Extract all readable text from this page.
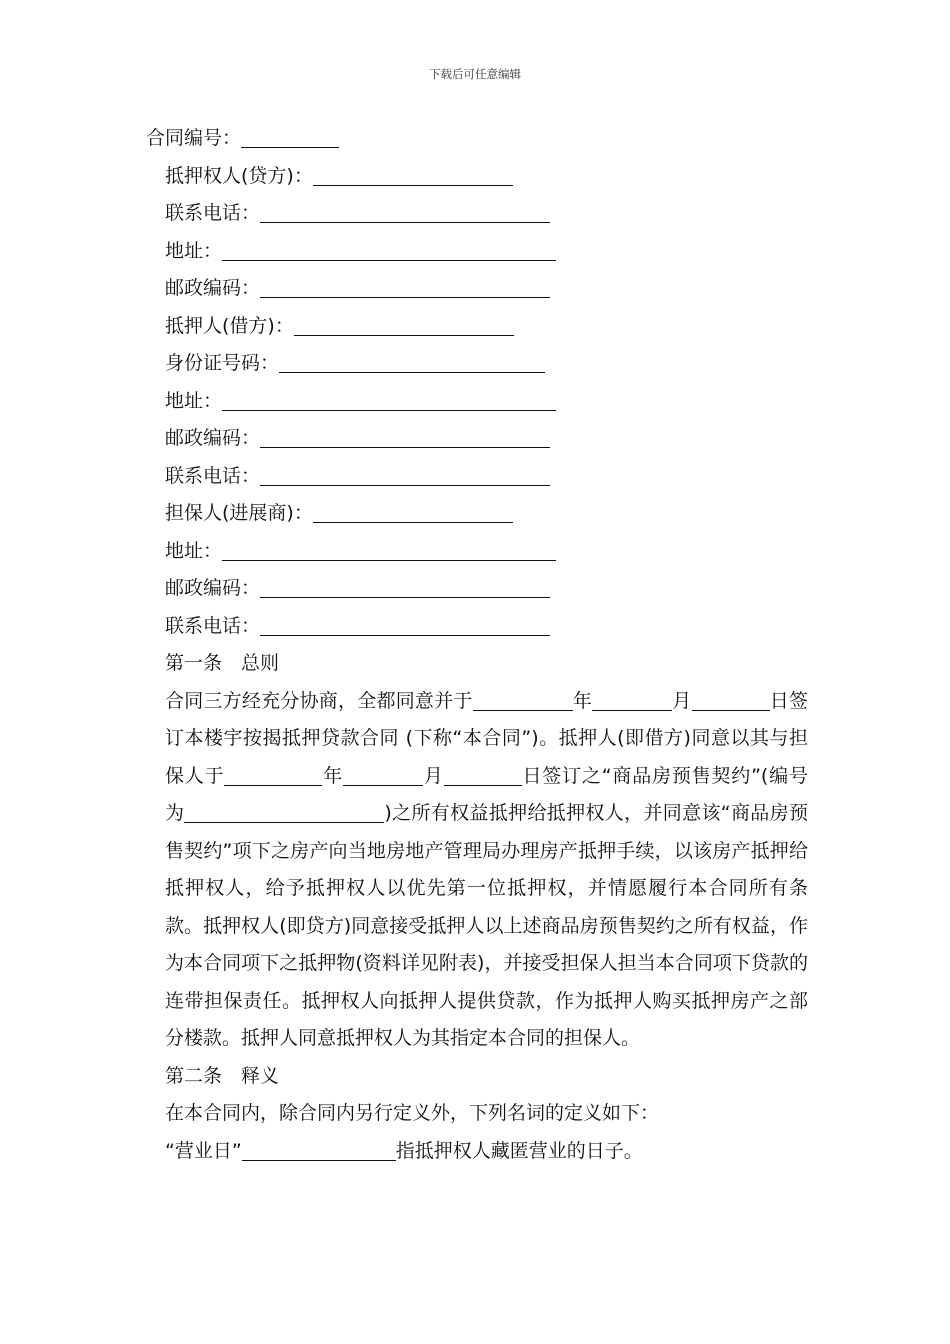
下载后可任意编辑
合同编号：
抵押权人(贷方)：
联系电话：
地址：
邮政编码：
抵押人(借方)：
身份证号码：
地址：
邮政编码：
联系电话：
担保人(进展商)：
地址：
邮政编码：
联系电话：
第一条　总则
合同三方经充分协商，全都同意并于	年	月	日签订本楼宇按揭抵押贷款合同 (下称“本合同”)。抵押人(即借方)同意以其与担保人于	年	月	日签订之“商品房预售契约”(编号为	)之所有权益抵押给抵押权人，并同意该“商品房预售契约”项下之房产向当地房地产管理局办理房产抵押手续，以该房产抵押给抵押权人，给予抵押权人以优先第一位抵押权，并情愿履行本合同所有条款。抵押权人(即贷方)同意接受抵押人以上述商品房预售契约之所有权益，作为本合同项下之抵押物(资料详见附表)，并接受担保人担当本合同项下贷款的连带担保责任。抵押权人向抵押人提供贷款，作为抵押人购买抵押房产之部分楼款。抵押人同意抵押权人为其指定本合同的担保人。
第二条　释义
在本合同内，除合同内另行定义外，下列名词的定义如下：
“营业日”	指抵押权人藏匿营业的日子。
